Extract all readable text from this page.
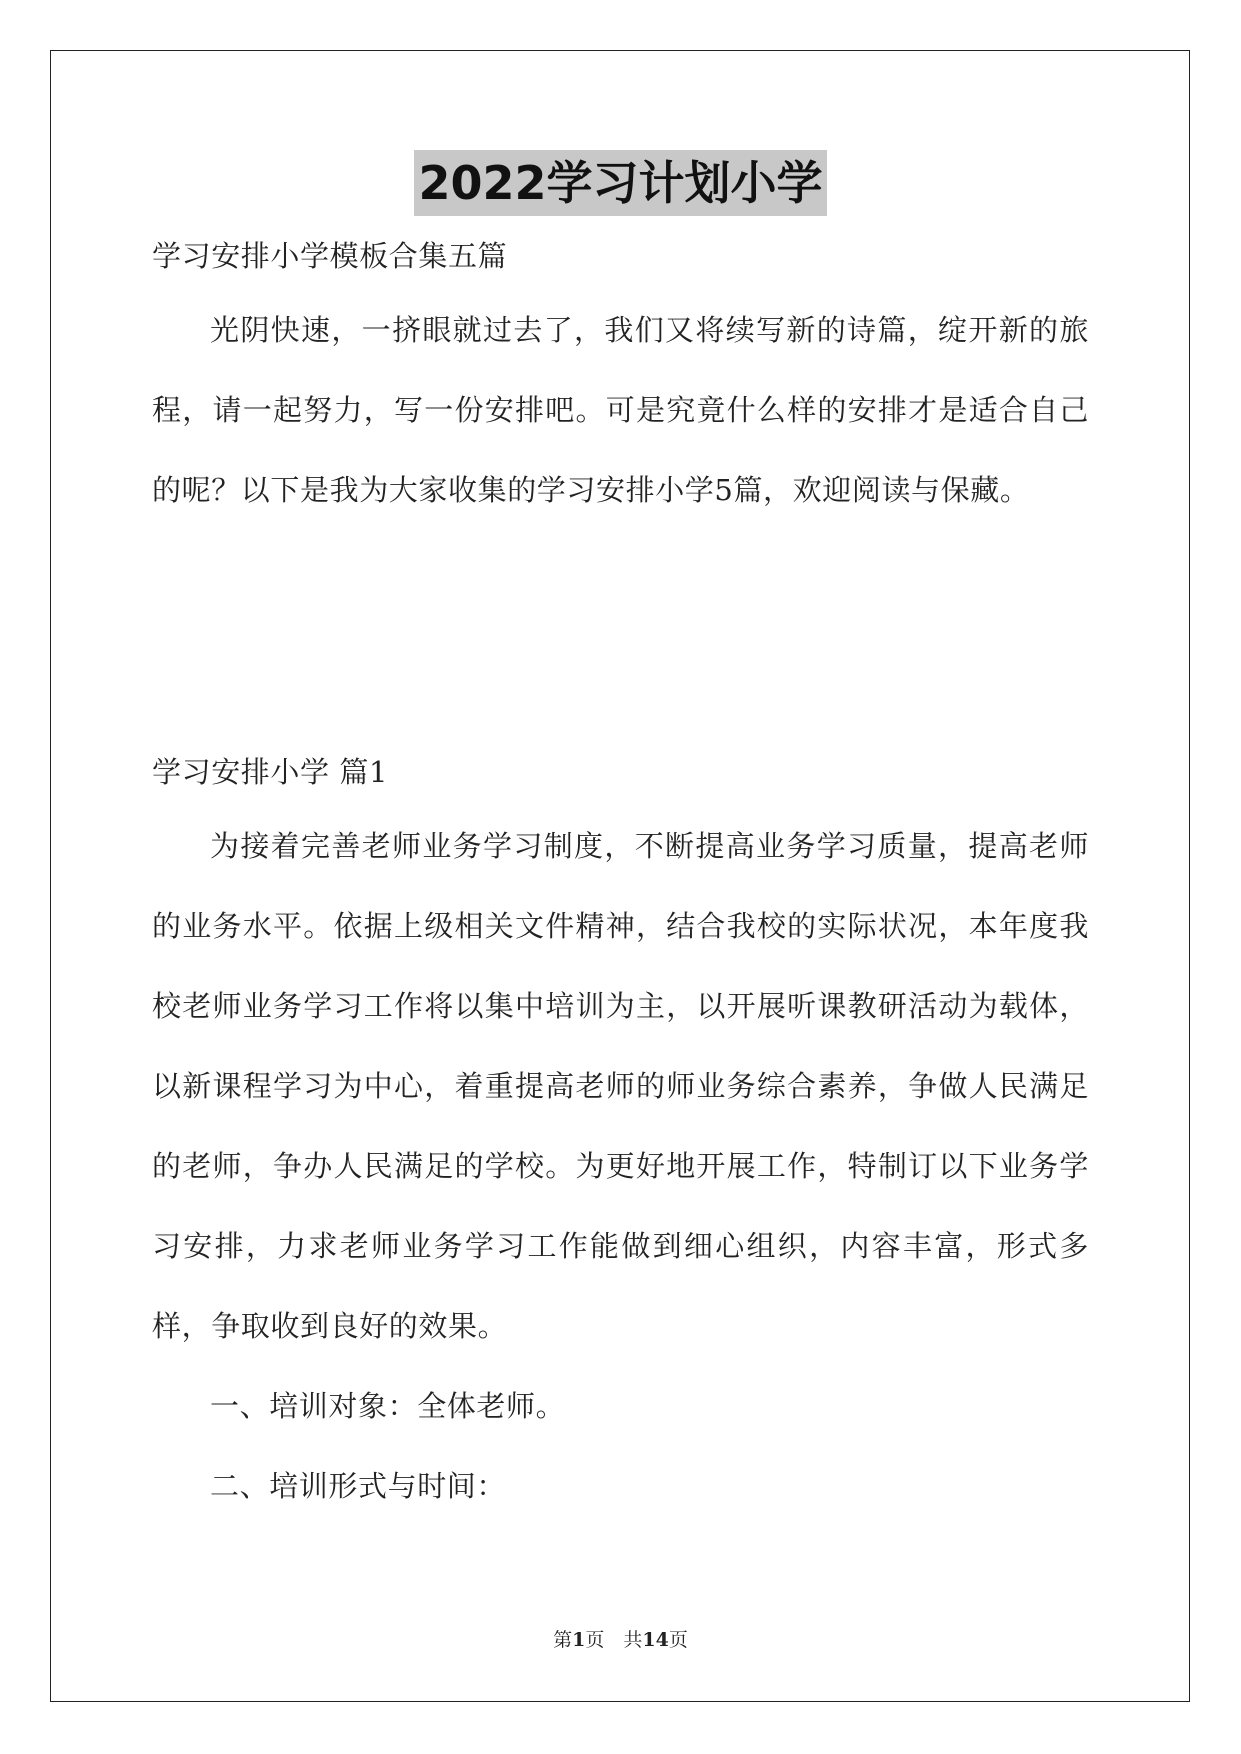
2022学习计划小学

学习安排小学模板合集五篇

光阴快速，一挤眼就过去了，我们又将续写新的诗篇，绽开新的旅程，请一起努力，写一份安排吧。可是究竟什么样的安排才是适合自己的呢？以下是我为大家收集的学习安排小学5篇，欢迎阅读与保藏。

学习安排小学 篇1

为接着完善老师业务学习制度，不断提高业务学习质量，提高老师的业务水平。依据上级相关文件精神，结合我校的实际状况，本年度我校老师业务学习工作将以集中培训为主，以开展听课教研活动为载体，以新课程学习为中心，着重提高老师的师业务综合素养，争做人民满足的老师，争办人民满足的学校。为更好地开展工作，特制订以下业务学习安排，力求老师业务学习工作能做到细心组织，内容丰富，形式多样，争取收到良好的效果。

一、培训对象：全体老师。

二、培训形式与时间：

第1页　共14页
